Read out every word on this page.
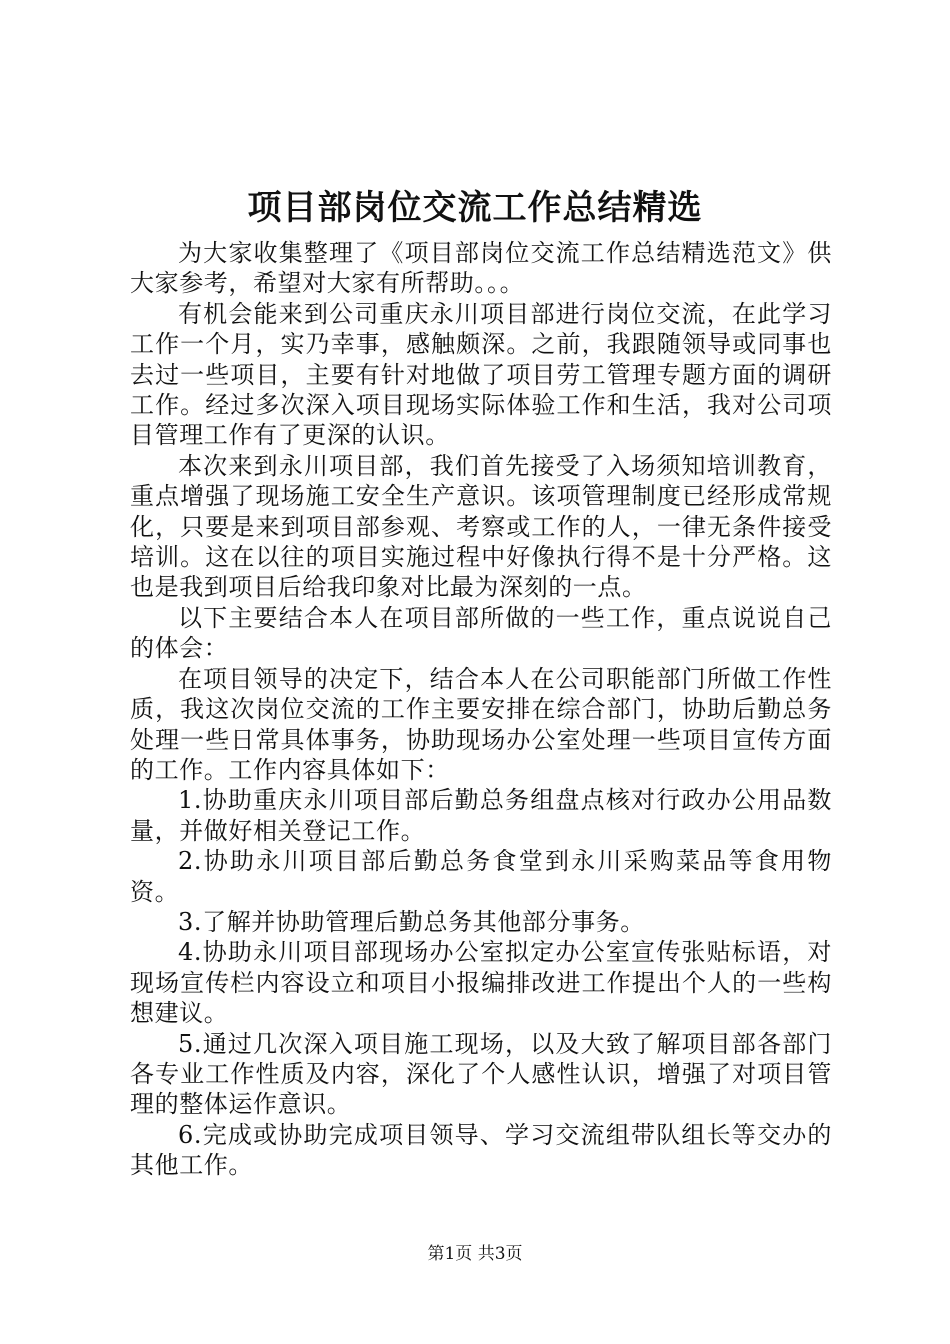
项目部岗位交流工作总结精选

为大家收集整理了《项目部岗位交流工作总结精选范文》供大家参考，希望对大家有所帮助。。。

有机会能来到公司重庆永川项目部进行岗位交流，在此学习工作一个月，实乃幸事，感触颇深。之前，我跟随领导或同事也去过一些项目，主要有针对地做了项目劳工管理专题方面的调研工作。经过多次深入项目现场实际体验工作和生活，我对公司项目管理工作有了更深的认识。

本次来到永川项目部，我们首先接受了入场须知培训教育，重点增强了现场施工安全生产意识。该项管理制度已经形成常规化，只要是来到项目部参观、考察或工作的人，一律无条件接受培训。这在以往的项目实施过程中好像执行得不是十分严格。这也是我到项目后给我印象对比最为深刻的一点。

以下主要结合本人在项目部所做的一些工作，重点说说自己的体会：

在项目领导的决定下，结合本人在公司职能部门所做工作性质，我这次岗位交流的工作主要安排在综合部门，协助后勤总务处理一些日常具体事务，协助现场办公室处理一些项目宣传方面的工作。工作内容具体如下：

1.协助重庆永川项目部后勤总务组盘点核对行政办公用品数量，并做好相关登记工作。

2.协助永川项目部后勤总务食堂到永川采购菜品等食用物资。

3.了解并协助管理后勤总务其他部分事务。

4.协助永川项目部现场办公室拟定办公室宣传张贴标语，对现场宣传栏内容设立和项目小报编排改进工作提出个人的一些构想建议。

5.通过几次深入项目施工现场，以及大致了解项目部各部门各专业工作性质及内容，深化了个人感性认识，增强了对项目管理的整体运作意识。

6.完成或协助完成项目领导、学习交流组带队组长等交办的其他工作。

第1页 共3页
